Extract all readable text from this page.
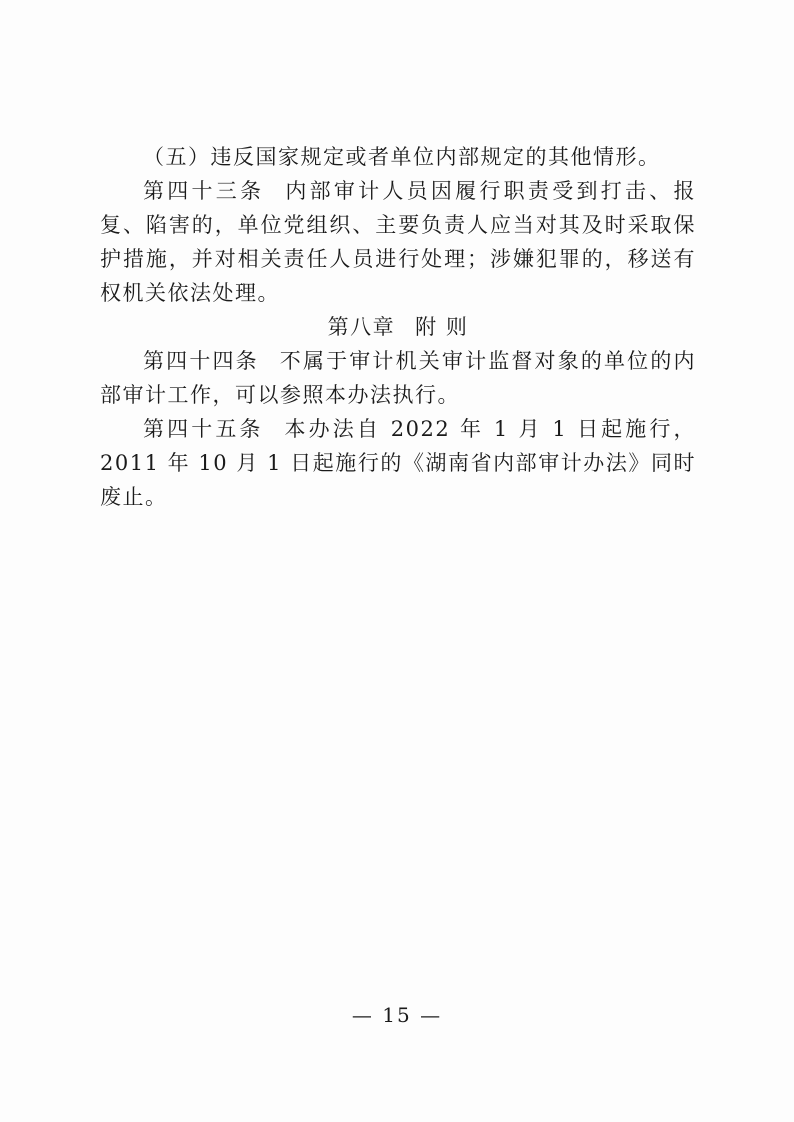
（五）违反国家规定或者单位内部规定的其他情形。

第四十三条 内部审计人员因履行职责受到打击、报复、陷害的，单位党组织、主要负责人应当对其及时采取保护措施，并对相关责任人员进行处理；涉嫌犯罪的，移送有权机关依法处理。

第八章 附 则

第四十四条 不属于审计机关审计监督对象的单位的内部审计工作，可以参照本办法执行。

第四十五条 本办法自 2022 年 1 月 1 日起施行，2011 年 10 月 1 日起施行的《湖南省内部审计办法》同时废止。

— 15 —
